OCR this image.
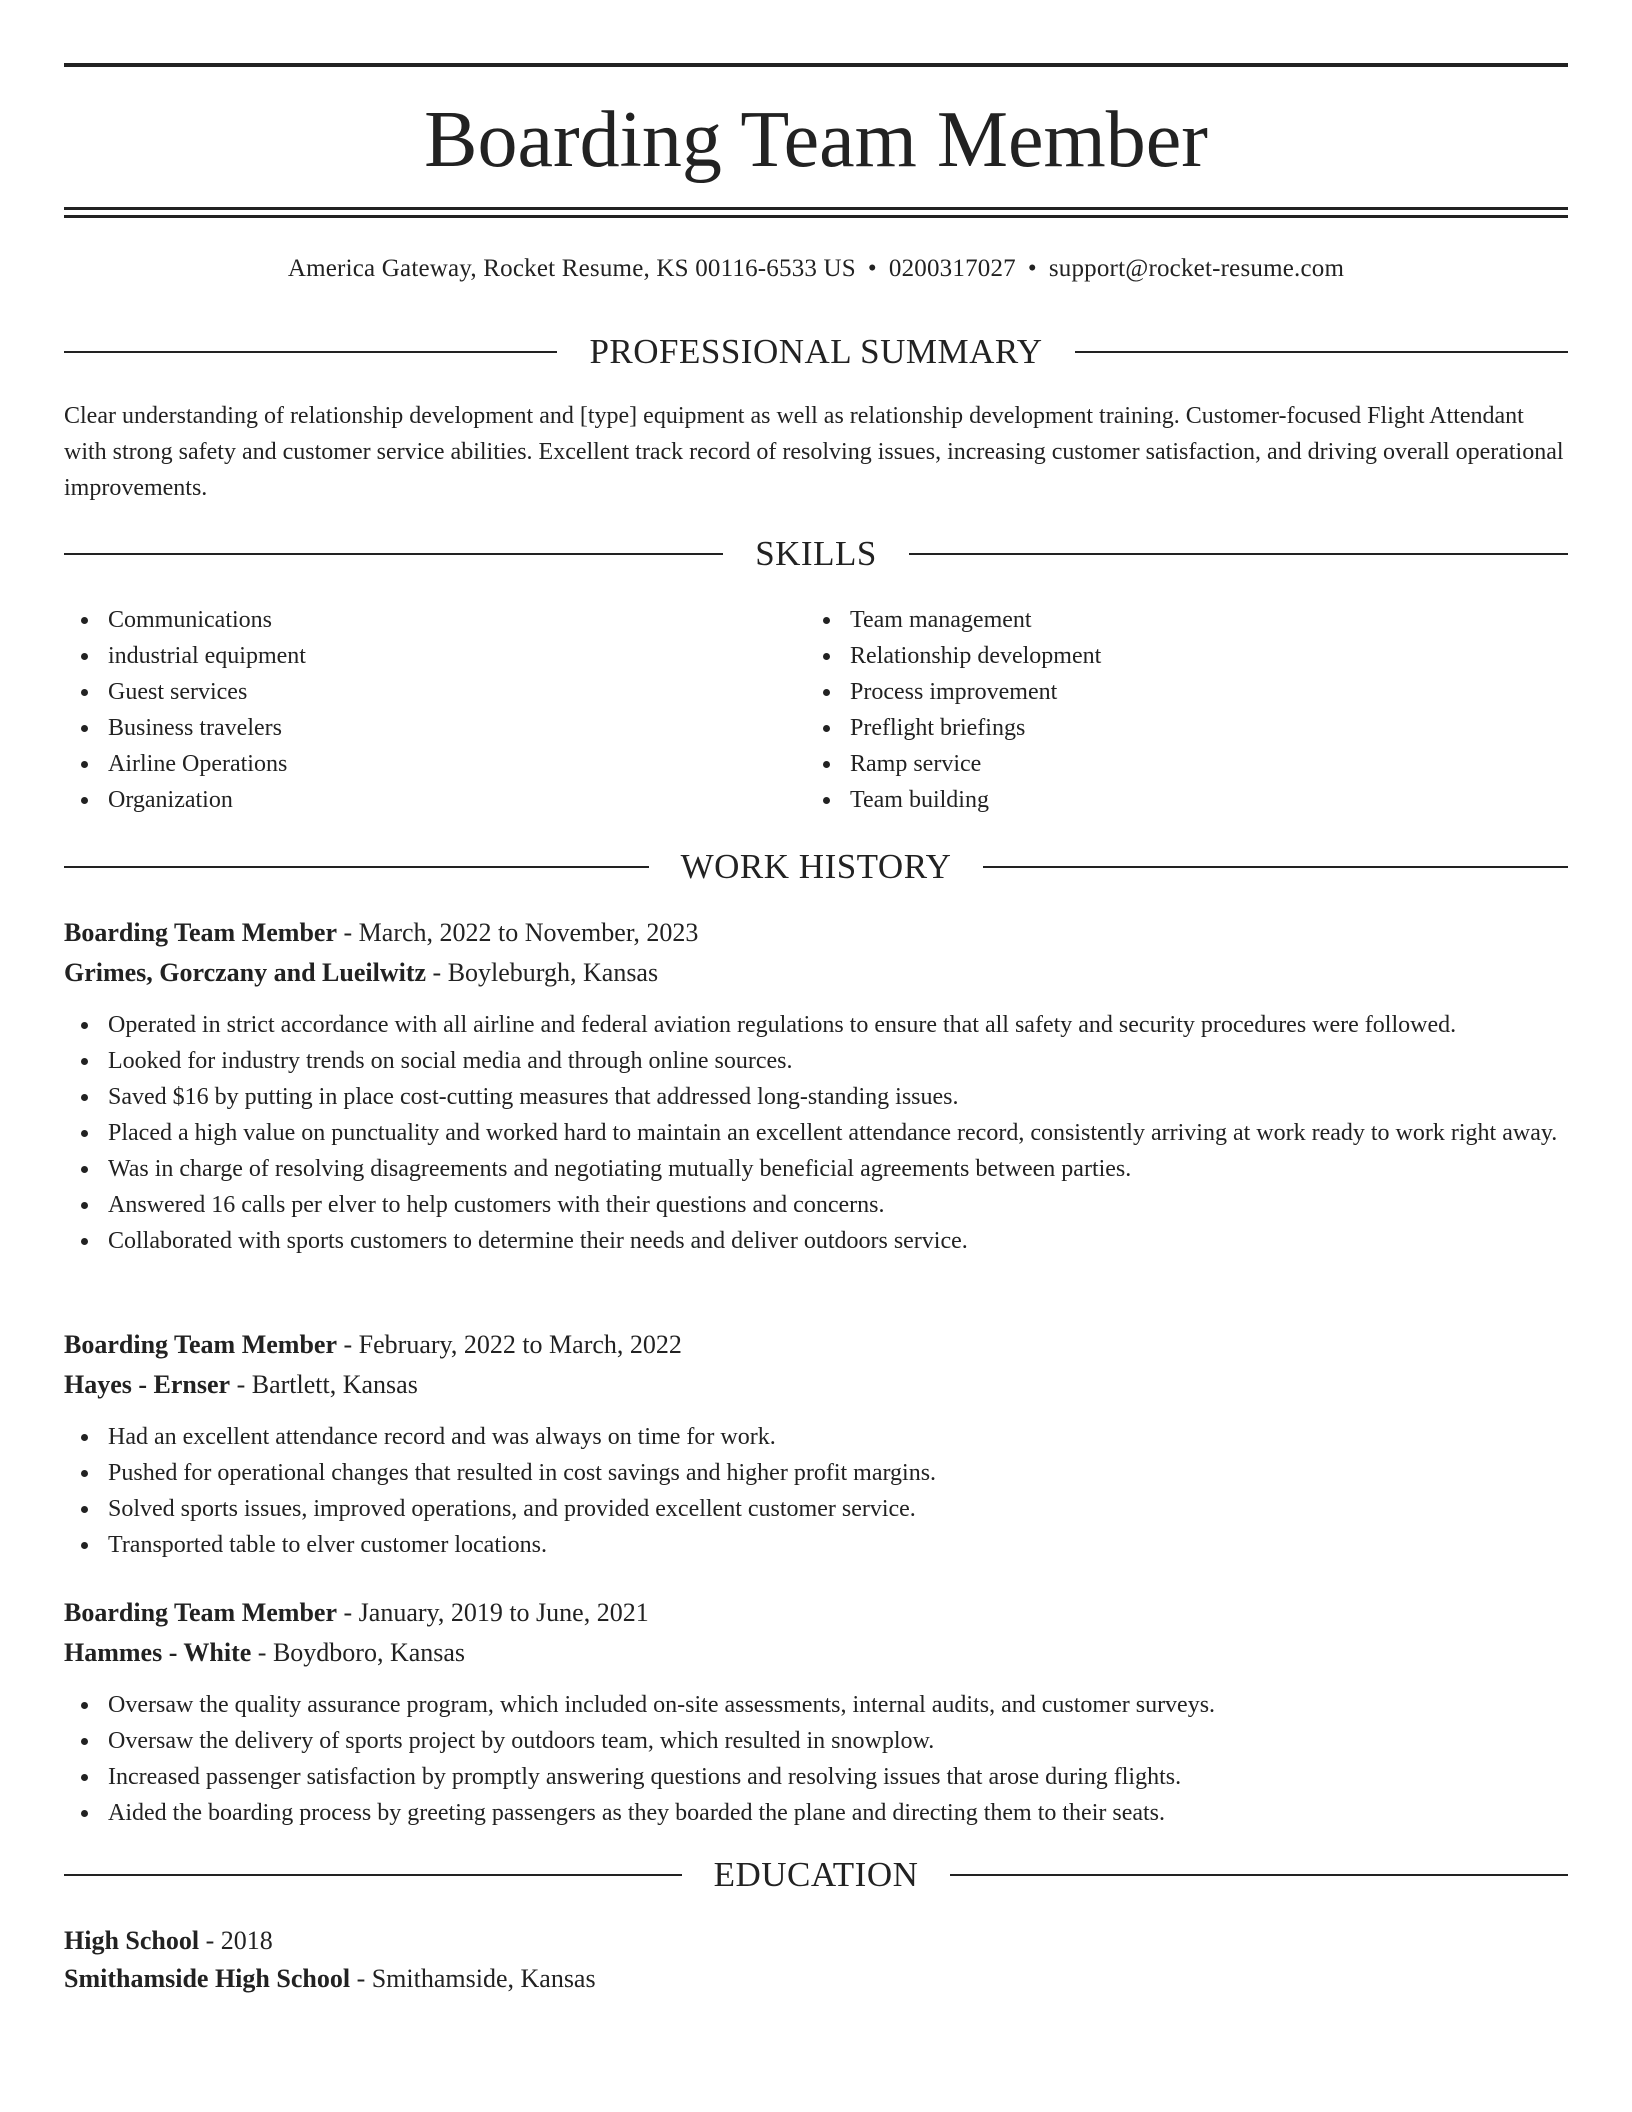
Boarding Team Member
America Gateway, Rocket Resume, KS 00116-6533 US • 0200317027 • support@rocket-resume.com
PROFESSIONAL SUMMARY

Clear understanding of relationship development and [type] equipment as well as relationship development training. Customer-focused Flight Attendant with strong safety and customer service abilities. Excellent track record of resolving issues, increasing customer satisfaction, and driving overall operational improvements.

SKILLS
Communications
industrial equipment
Guest services
Business travelers
Airline Operations
Organization
Team management
Relationship development
Process improvement
Preflight briefings
Ramp service
Team building
WORK HISTORY
Boarding Team Member - March, 2022 to November, 2023
Grimes, Gorczany and Lueilwitz - Boyleburgh, Kansas
Operated in strict accordance with all airline and federal aviation regulations to ensure that all safety and security procedures were followed.
Looked for industry trends on social media and through online sources.
Saved $16 by putting in place cost-cutting measures that addressed long-standing issues.
Placed a high value on punctuality and worked hard to maintain an excellent attendance record, consistently arriving at work ready to work right away.
Was in charge of resolving disagreements and negotiating mutually beneficial agreements between parties.
Answered 16 calls per elver to help customers with their questions and concerns.
Collaborated with sports customers to determine their needs and deliver outdoors service.
Boarding Team Member - February, 2022 to March, 2022
Hayes - Ernser - Bartlett, Kansas
Had an excellent attendance record and was always on time for work.
Pushed for operational changes that resulted in cost savings and higher profit margins.
Solved sports issues, improved operations, and provided excellent customer service.
Transported table to elver customer locations.
Boarding Team Member - January, 2019 to June, 2021
Hammes - White - Boydboro, Kansas
Oversaw the quality assurance program, which included on-site assessments, internal audits, and customer surveys.
Oversaw the delivery of sports project by outdoors team, which resulted in snowplow.
Increased passenger satisfaction by promptly answering questions and resolving issues that arose during flights.
Aided the boarding process by greeting passengers as they boarded the plane and directing them to their seats.
EDUCATION
High School - 2018
Smithamside High School - Smithamside, Kansas
